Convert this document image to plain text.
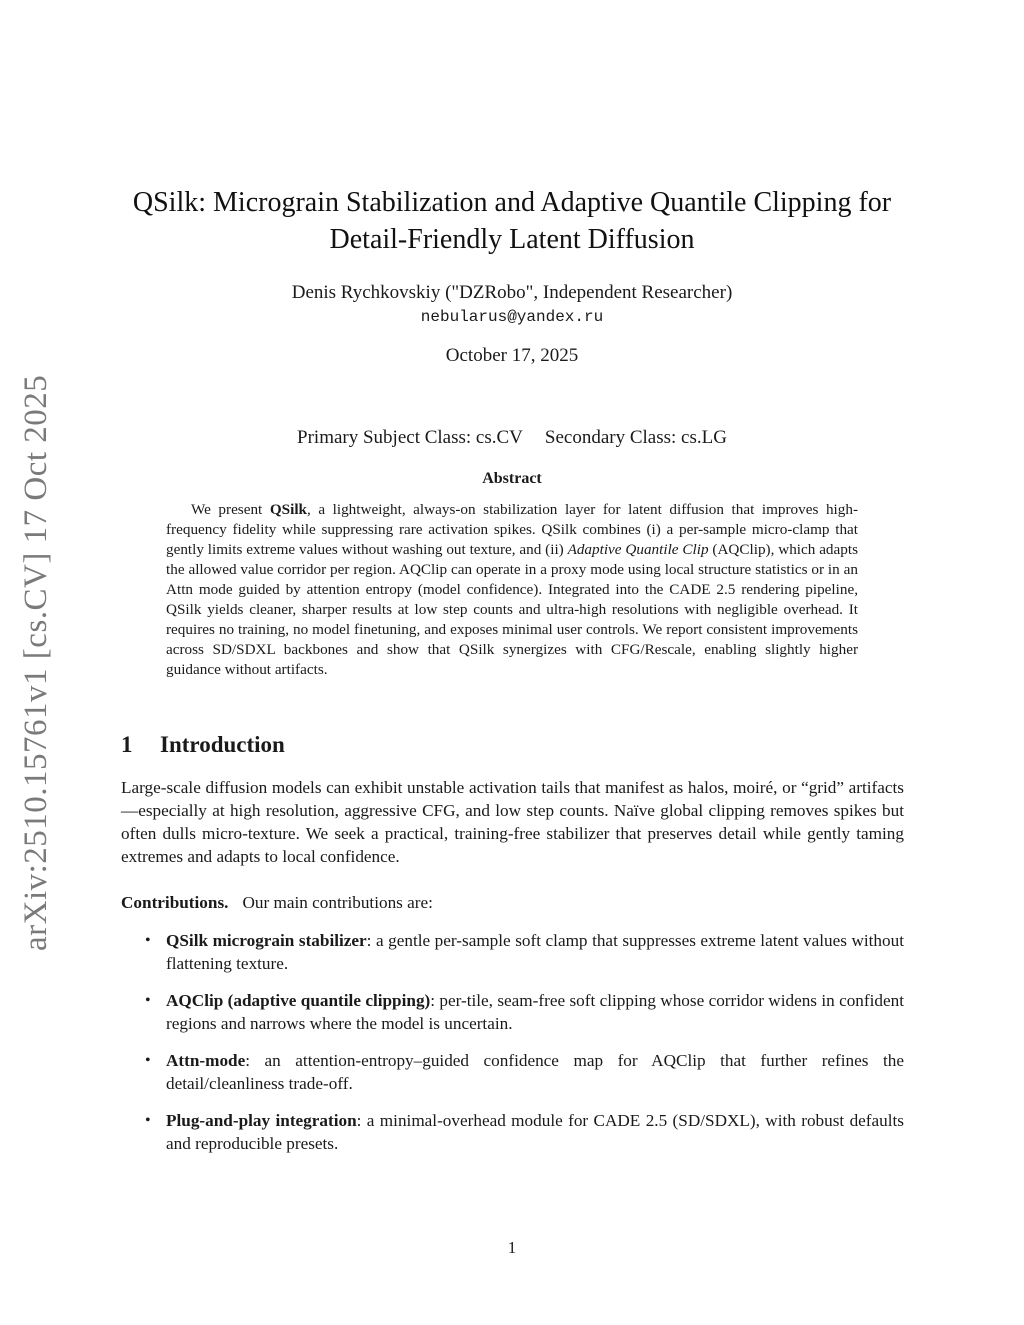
arXiv:2510.15761v1 [cs.CV] 17 Oct 2025
QSilk: Micrograin Stabilization and Adaptive Quantile Clipping for
Detail-Friendly Latent Diffusion
Denis Rychkovskiy ("DZRobo", Independent Researcher)
nebularus@yandex.ru
October 17, 2025
Primary Subject Class: cs.CV Secondary Class: cs.LG
Abstract

We present QSilk, a lightweight, always-on stabilization layer for latent diffusion that improves high-frequency fidelity while suppressing rare activation spikes. QSilk combines (i) a per-sample micro-clamp that gently limits extreme values without washing out texture, and (ii) Adaptive Quantile Clip (AQClip), which adapts the allowed value corridor per region. AQClip can operate in a proxy mode using local structure statistics or in an Attn mode guided by attention entropy (model confidence). Integrated into the CADE 2.5 rendering pipeline, QSilk yields cleaner, sharper results at low step counts and ultra-high resolutions with negligible overhead. It requires no training, no model finetuning, and exposes minimal user controls. We report consistent improvements across SD/SDXL backbones and show that QSilk synergizes with CFG/Rescale, enabling slightly higher guidance without artifacts.

1 Introduction

Large-scale diffusion models can exhibit unstable activation tails that manifest as halos, moiré, or “grid” artifacts—especially at high resolution, aggressive CFG, and low step counts. Naïve global clipping removes spikes but often dulls micro-texture. We seek a practical, training-free stabilizer that preserves detail while gently taming extremes and adapts to local confidence.

Contributions. Our main contributions are:

• QSilk micrograin stabilizer: a gentle per-sample soft clamp that suppresses extreme latent values without flattening texture.
• AQClip (adaptive quantile clipping): per-tile, seam-free soft clipping whose corridor widens in confident regions and narrows where the model is uncertain.
• Attn-mode: an attention-entropy–guided confidence map for AQClip that further refines the detail/cleanliness trade-off.
• Plug-and-play integration: a minimal-overhead module for CADE 2.5 (SD/SDXL), with robust defaults and reproducible presets.
1
